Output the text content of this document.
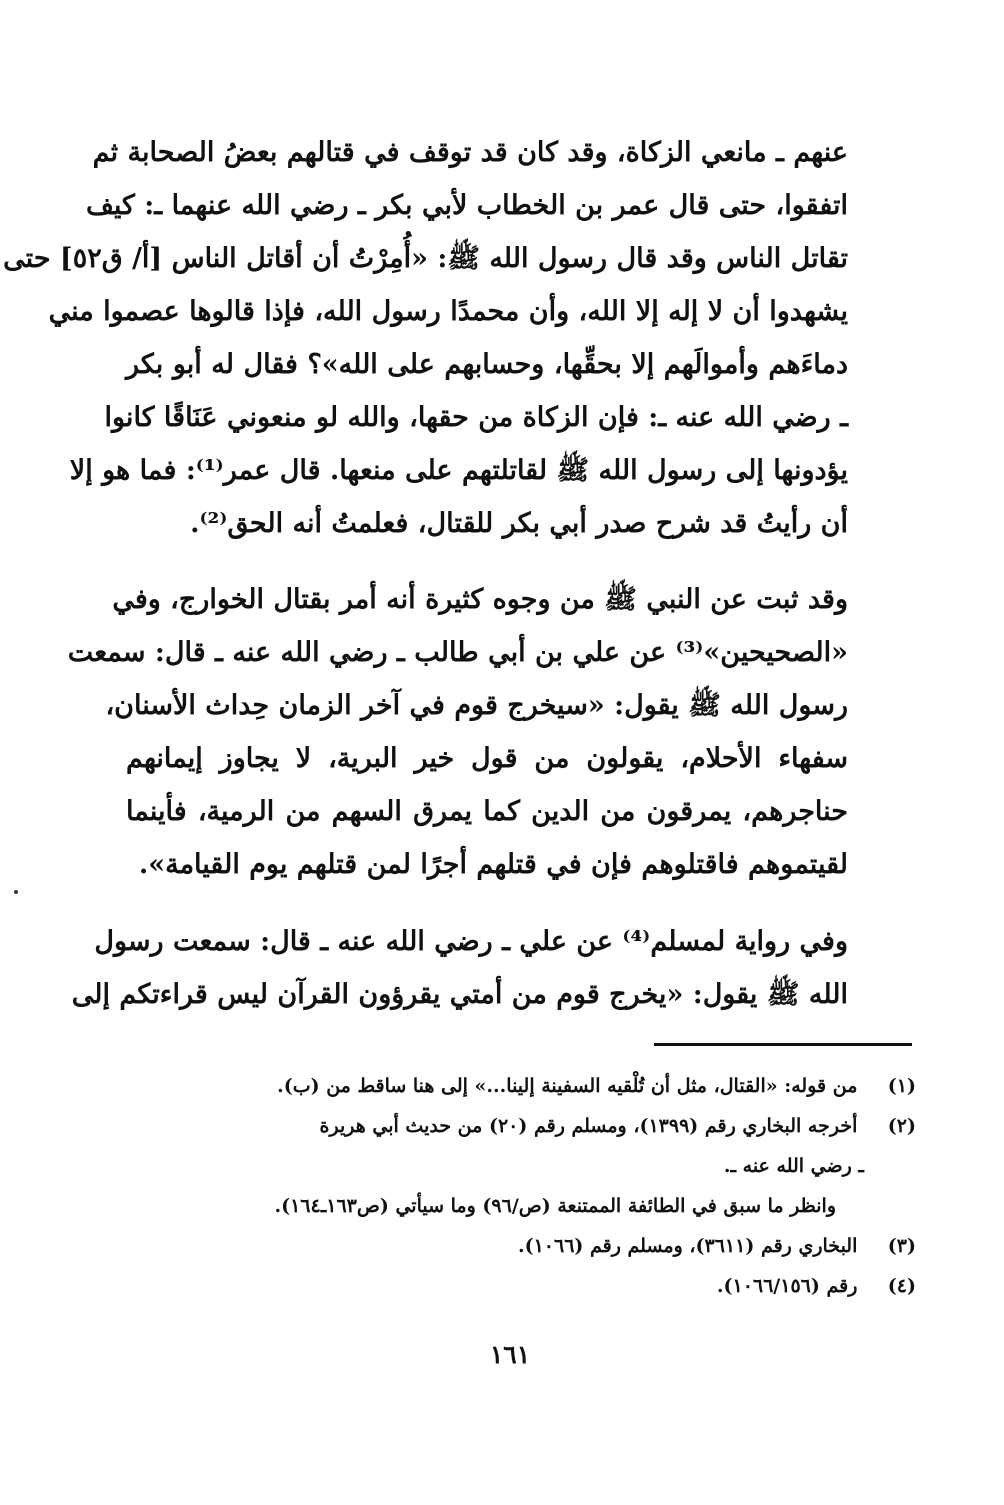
عنهم ـ مانعي الزكاة، وقد كان قد توقف في قتالهم بعضُ الصحابة ثم
اتفقوا، حتى قال عمر بن الخطاب لأبي بكر ـ رضي الله عنهما ـ: كيف
تقاتل الناس وقد قال رسول الله ﷺ: «أُمِرْتُ أن أقاتل الناس [أ/ ق٥٢] حتى
يشهدوا أن لا إله إلا الله، وأن محمدًا رسول الله، فإذا قالوها عصموا مني
دماءَهم وأموالَهم إلا بحقِّها، وحسابهم على الله»؟ فقال له أبو بكر
ـ رضي الله عنه ـ: فإن الزكاة من حقها، والله لو منعوني عَنَاقًا كانوا
يؤدونها إلى رسول الله ﷺ لقاتلتهم على منعها. قال عمر⁽¹⁾: فما هو إلا
أن رأيتُ قد شرح صدر أبي بكر للقتال، فعلمتُ أنه الحق⁽²⁾.
وقد ثبت عن النبي ﷺ من وجوه كثيرة أنه أمر بقتال الخوارج، وفي
«الصحيحين»⁽³⁾ عن علي بن أبي طالب ـ رضي الله عنه ـ قال: سمعت
رسول الله ﷺ يقول: «سيخرج قوم في آخر الزمان حِداث الأسنان،
سفهاء الأحلام، يقولون من قول خير البرية، لا يجاوز إيمانهم
حناجرهم، يمرقون من الدين كما يمرق السهم من الرمية، فأينما
لقيتموهم فاقتلوهم فإن في قتلهم أجرًا لمن قتلهم يوم القيامة».
وفي رواية لمسلم⁽⁴⁾ عن علي ـ رضي الله عنه ـ قال: سمعت رسول
الله ﷺ يقول: «يخرج قوم من أمتي يقرؤون القرآن ليس قراءتكم إلى
(١) من قوله: «القتال، مثل أن تُلْقيه السفينة إلينا...» إلى هنا ساقط من (ب).
(٢) أخرجه البخاري رقم (١٣٩٩)، ومسلم رقم (٢٠) من حديث أبي هريرة
ـ رضي الله عنه ـ.
وانظر ما سبق في الطائفة الممتنعة (ص/٩٦) وما سيأتي (ص١٦٣ـ١٦٤).
(٣) البخاري رقم (٣٦١١)، ومسلم رقم (١٠٦٦).
(٤) رقم (١٠٦٦/١٥٦).
١٦١
